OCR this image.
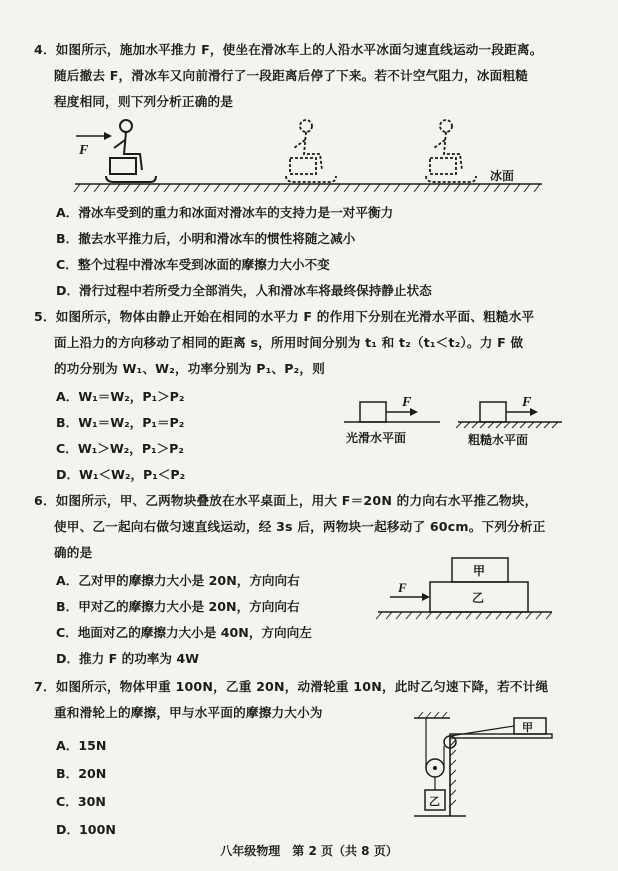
4．如图所示，施加水平推力 F，使坐在滑冰车上的人沿水平冰面匀速直线运动一段距离。
随后撤去 F，滑冰车又向前滑行了一段距离后停了下来。若不计空气阻力，冰面粗糙
程度相同，则下列分析正确的是
F
冰面
A．滑冰车受到的重力和冰面对滑冰车的支持力是一对平衡力
B．撤去水平推力后，小明和滑冰车的惯性将随之减小
C．整个过程中滑冰车受到冰面的摩擦力大小不变
D．滑行过程中若所受力全部消失，人和滑冰车将最终保持静止状态
5．如图所示，物体由静止开始在相同的水平力 F 的作用下分别在光滑水平面、粗糙水平
面上沿力的方向移动了相同的距离 s，所用时间分别为 t₁ 和 t₂（t₁＜t₂）。力 F 做
的功分别为 W₁、W₂，功率分别为 P₁、P₂，则
A．W₁＝W₂，P₁＞P₂
B．W₁＝W₂，P₁＝P₂
C．W₁＞W₂，P₁＞P₂
D．W₁＜W₂，P₁＜P₂
F
光滑水平面
F
粗糙水平面
6．如图所示，甲、乙两物块叠放在水平桌面上，用大 F＝20N 的力向右水平推乙物块，
使甲、乙一起向右做匀速直线运动，经 3s 后，两物块一起移动了 60cm。下列分析正
确的是
A．乙对甲的摩擦力大小是 20N，方向向右
B．甲对乙的摩擦力大小是 20N，方向向右
C．地面对乙的摩擦力大小是 40N，方向向左
D．推力 F 的功率为 4W
甲
乙
F
7．如图所示，物体甲重 100N，乙重 20N，动滑轮重 10N，此时乙匀速下降，若不计绳
重和滑轮上的摩擦，甲与水平面的摩擦力大小为
A．15N
B．20N
C．30N
D．100N
甲
乙
八年级物理　第 2 页（共 8 页）
